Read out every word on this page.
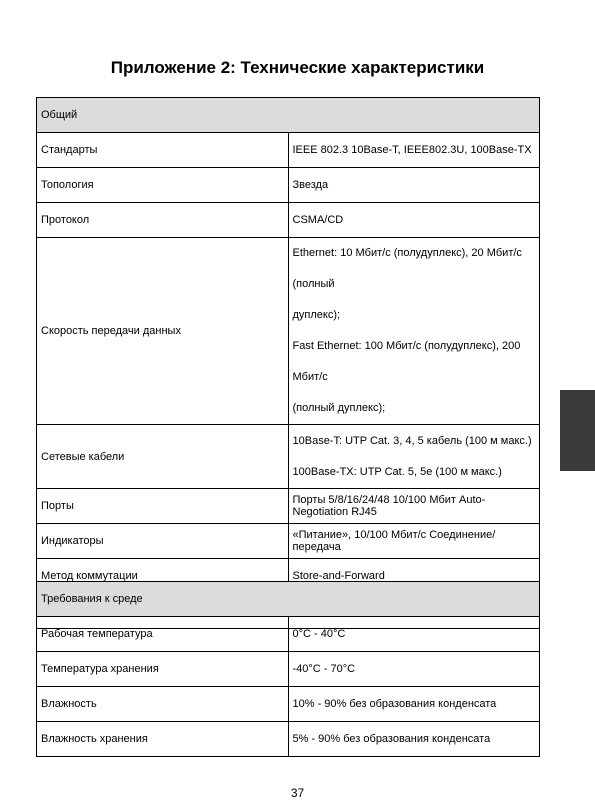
Приложение 2: Технические характеристики
Общий	
Стандарты	IEEE 802.3 10Base-T, IEEE802.3U, 100Base-TX
Топология	Звезда
Протокол	CSMA/CD
Скорость передачи данных	Ethernet: 10 Мбит/с (полудуплекс), 20 Мбит/с (полный
дуплекс);
Fast Ethernet: 100 Мбит/с (полудуплекс), 200 Мбит/с
(полный дуплекс);

Сетевые кабели	10Base-T: UTP Cat. 3, 4, 5 кабель (100 м макс.)
100Base-TX: UTP Cat. 5, 5e (100 м макс.)

Порты	Порты 5/8/16/24/48 10/100 Мбит Auto-Negotiation RJ45
Индикаторы	«Питание», 10/100 Мбит/с Соединение/передача
Метод коммутации	Store-and-Forward

Требования к среде	
Рабочая температура	0°C - 40°C
Температура хранения	-40°C - 70°C
Влажность	10% - 90% без образования конденсата
Влажность хранения	5% - 90% без образования конденсата
37
